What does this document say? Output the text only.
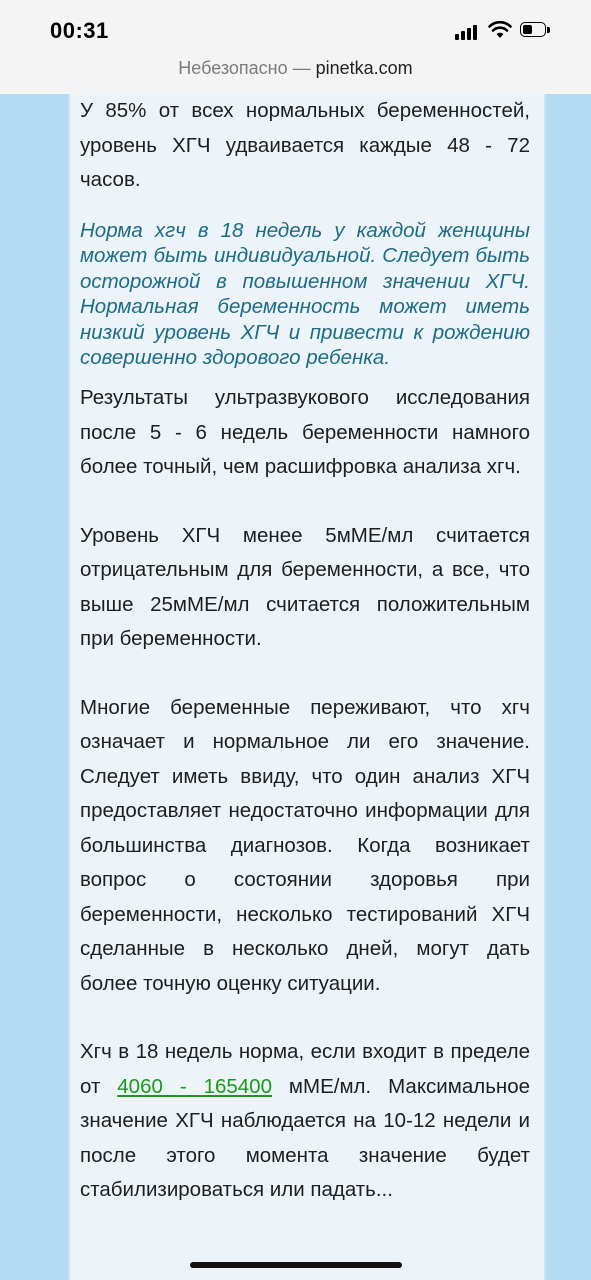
00:31
Небезопасно — pinetka.com

У 85% от всех нормальных беременностей, уровень ХГЧ удваивается каждые 48 - 72 часов.

Норма хгч в 18 недель у каждой женщины может быть индивидуальной. Следует быть осторожной в повышенном значении ХГЧ. Нормальная беременность может иметь низкий уровень ХГЧ и привести к рождению совершенно здорового ребенка.

Результаты ультразвукового исследования после 5 - 6 недель беременности намного более точный, чем расшифровка анализа хгч.

Уровень ХГЧ менее 5мМЕ/мл считается отрицательным для беременности, а все, что выше 25мМЕ/мл считается положительным при беременности.

Многие беременные переживают, что хгч означает и нормальное ли его значение. Следует иметь ввиду, что один анализ ХГЧ предоставляет недостаточно информации для большинства диагнозов. Когда возникает вопрос о состоянии здоровья при беременности, несколько тестирований ХГЧ сделанные в несколько дней, могут дать более точную оценку ситуации.

Хгч в 18 недель норма, если входит в пределе от 4060 - 165400 мМЕ/мл. Максимальное значение ХГЧ наблюдается на 10-12 недели и после этого момента значение будет стабилизироваться или падать...
